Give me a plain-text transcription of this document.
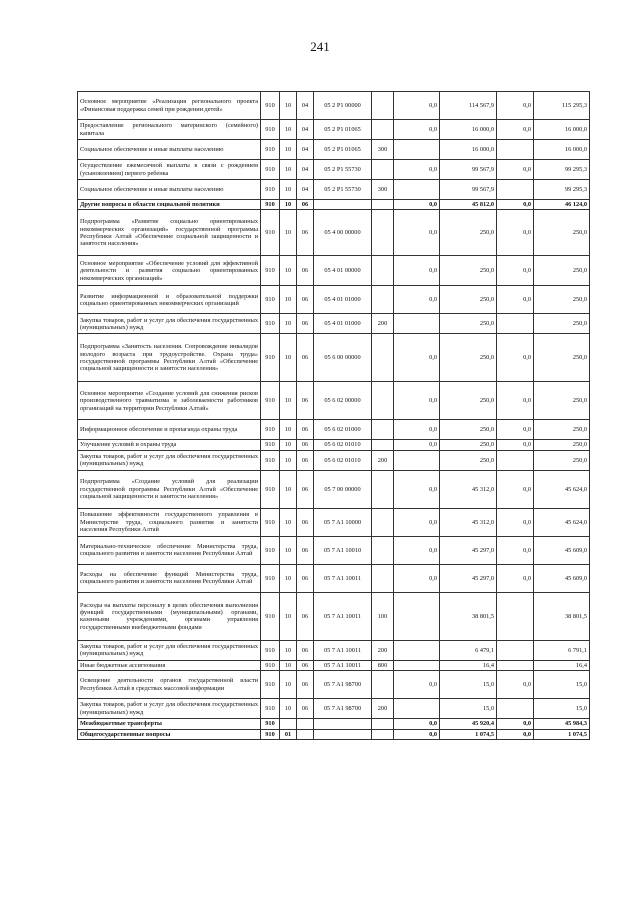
241
Основное мероприятие «Реализация регионального проекта «Финансовая поддержка семей при рождении детей»	910	10	04	05 2 P1 00000		0,0	114 567,9	0,0	115 295,3
Предоставление регионального материнского (семейного) капитала	910	10	04	05 2 P1 01065		0,0	16 000,0	0,0	16 000,0
Социальное обеспечение и иные выплаты населению	910	10	04	05 2 P1 01065	300		16 000,0		16 000,0
Осуществление ежемесячной выплаты в связи с рождением (усыновлением) первого ребенка	910	10	04	05 2 P1 55730		0,0	99 567,9	0,0	99 295,3
Социальное обеспечение и иные выплаты населению	910	10	04	05 2 P1 55730	300		99 567,9		99 295,3
Другие вопросы в области социальной политики	910	10	06			0,0	45 812,0	0,0	46 124,0
Подпрограмма «Развитие социально ориентированных некоммерческих организаций» государственной программы Республики Алтай «Обеспечение социальной защищенности и занятости населения»	910	10	06	05 4 00 00000		0,0	250,0	0,0	250,0
Основное мероприятие «Обеспечение условий для эффективной деятельности и развития социально ориентированных некоммерческих организаций»	910	10	06	05 4 01 00000		0,0	250,0	0,0	250,0
Развитие информационной и образовательной поддержки социально ориентированных некоммерческих организаций	910	10	06	05 4 01 01000		0,0	250,0	0,0	250,0
Закупка товаров, работ и услуг для обеспечения государственных (муниципальных) нужд	910	10	06	05 4 01 01000	200		250,0		250,0
Подпрограмма «Занятость населения. Сопровождение инвалидов молодого возраста при трудоустройстве. Охрана труда» государственной программы Республики Алтай «Обеспечение социальной защищенности и занятости населения»	910	10	06	05 6 00 00000		0,0	250,0	0,0	250,0
Основное мероприятие «Создание условий для снижения рисков производственного травматизма и заболеваемости работников организаций на территории Республики Алтай»	910	10	06	05 6 02 00000		0,0	250,0	0,0	250,0
Информационное обеспечение и пропаганда охраны труда	910	10	06	05 6 02 01000		0,0	250,0	0,0	250,0
Улучшение условий и охраны труда	910	10	06	05 6 02 01010		0,0	250,0	0,0	250,0
Закупка товаров, работ и услуг для обеспечения государственных (муниципальных) нужд	910	10	06	05 6 02 01010	200		250,0		250,0
Подпрограмма «Создание условий для реализации государственной программы Республики Алтай «Обеспечение социальной защищенности и занятости населения»	910	10	06	05 7 00 00000		0,0	45 312,0	0,0	45 624,0
Повышение эффективности государственного управления в Министерстве труда, социального развития и занятости населения Республики Алтай	910	10	06	05 7 A1 10000		0,0	45 312,0	0,0	45 624,0
Материально-техническое обеспечение Министерства труда, социального развития и занятости населения Республики Алтай	910	10	06	05 7 A1 10010		0,0	45 297,0	0,0	45 609,0
Расходы на обеспечение функций Министерства труда, социального развития и занятости населения Республики Алтай	910	10	06	05 7 A1 10011		0,0	45 297,0	0,0	45 609,0
Расходы на выплаты персоналу в целях обеспечения выполнения функций государственными (муниципальными) органами, казенными учреждениями, органами управления государственными внебюджетными фондами	910	10	06	05 7 A1 10011	100		38 801,5		38 801,5
Закупка товаров, работ и услуг для обеспечения государственных (муниципальных) нужд	910	10	06	05 7 A1 10011	200		6 479,1		6 791,1
Иные бюджетные ассигнования	910	10	06	05 7 A1 10011	800		16,4		16,4
Освещение деятельности органов государственной власти Республики Алтай в средствах массовой информации	910	10	06	05 7 A1 98700		0,0	15,0	0,0	15,0
Закупка товаров, работ и услуг для обеспечения государственных (муниципальных) нужд	910	10	06	05 7 A1 98700	200		15,0		15,0
Межбюджетные трансферты	910					0,0	45 920,4	0,0	45 984,3
Общегосударственные вопросы	910	01				0,0	1 074,5	0,0	1 074,5
